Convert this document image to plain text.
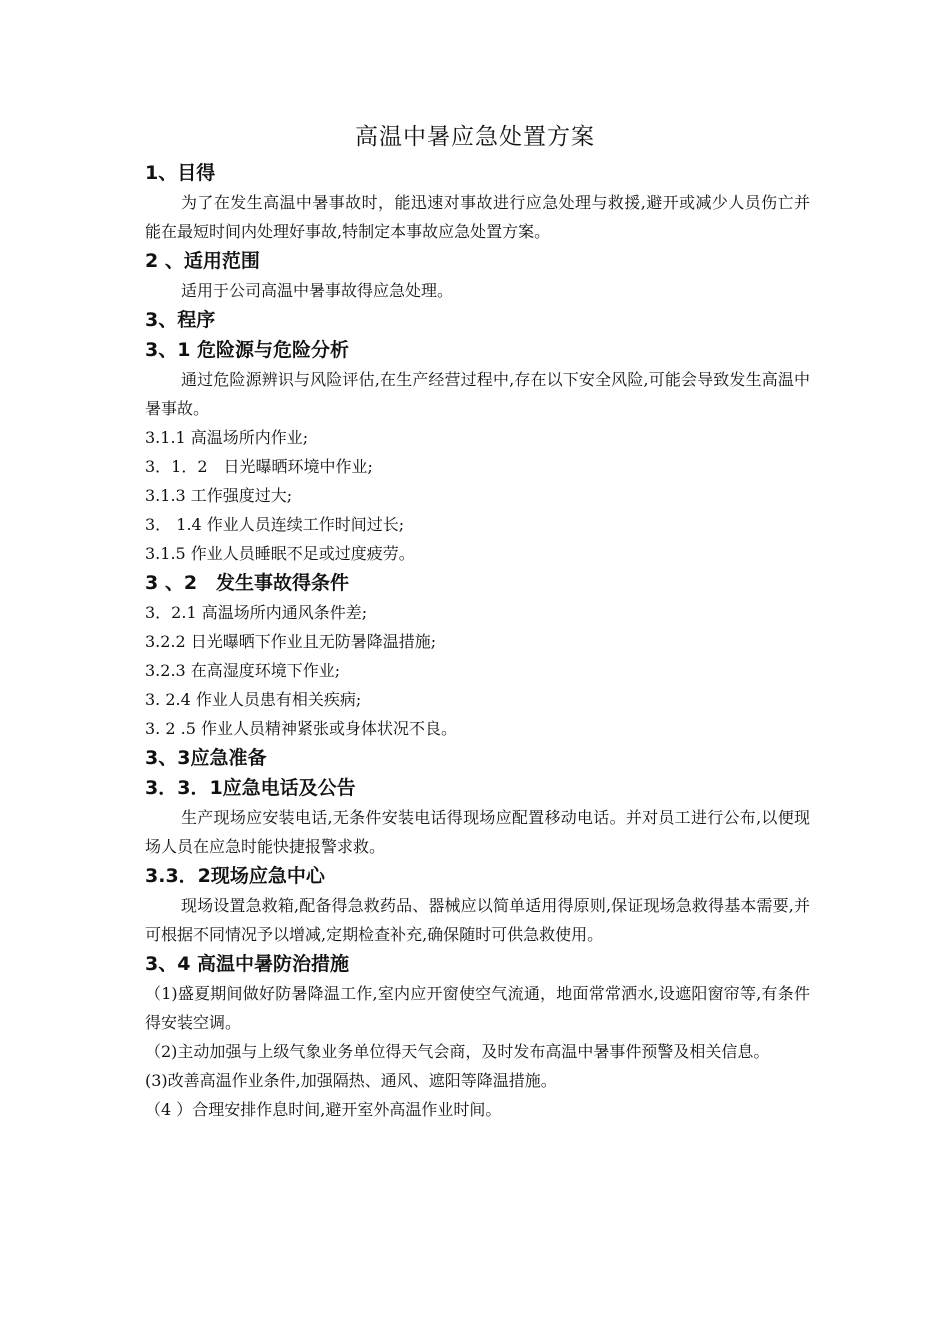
高温中暑应急处置方案
1、目得
为了在发生高温中暑事故时，能迅速对事故进行应急处理与救援,避开或减少人员伤亡并能在最短时间内处理好事故,特制定本事故应急处置方案。
2 、适用范围
适用于公司高温中暑事故得应急处理。
3、程序
3、1 危险源与危险分析
通过危险源辨识与风险评估,在生产经营过程中,存在以下安全风险,可能会导致发生高温中暑事故。
3.1.1 高温场所内作业;
3．1．2　日光曝晒环境中作业;
3.1.3 工作强度过大;
3． 1.4 作业人员连续工作时间过长;
3.1.5 作业人员睡眠不足或过度疲劳。
3 、2　发生事故得条件
3．2.1 高温场所内通风条件差;
3.2.2 日光曝晒下作业且无防暑降温措施;
3.2.3 在高湿度环境下作业;
3. 2.4 作业人员患有相关疾病;
3. 2 .5 作业人员精神紧张或身体状况不良。
3、3应急准备
3．3．1应急电话及公告
生产现场应安装电话,无条件安装电话得现场应配置移动电话。并对员工进行公布,以便现场人员在应急时能快捷报警求救。
3.3．2现场应急中心
现场设置急救箱,配备得急救药品、器械应以简单适用得原则,保证现场急救得基本需要,并可根据不同情况予以增减,定期检查补充,确保随时可供急救使用。
3、4 高温中暑防治措施
（1)盛夏期间做好防暑降温工作,室内应开窗使空气流通，地面常常洒水,设遮阳窗帘等,有条件得安装空调。
（2)主动加强与上级气象业务单位得天气会商，及时发布高温中暑事件预警及相关信息。
(3)改善高温作业条件,加强隔热、通风、遮阳等降温措施。
（4 ）合理安排作息时间,避开室外高温作业时间。
